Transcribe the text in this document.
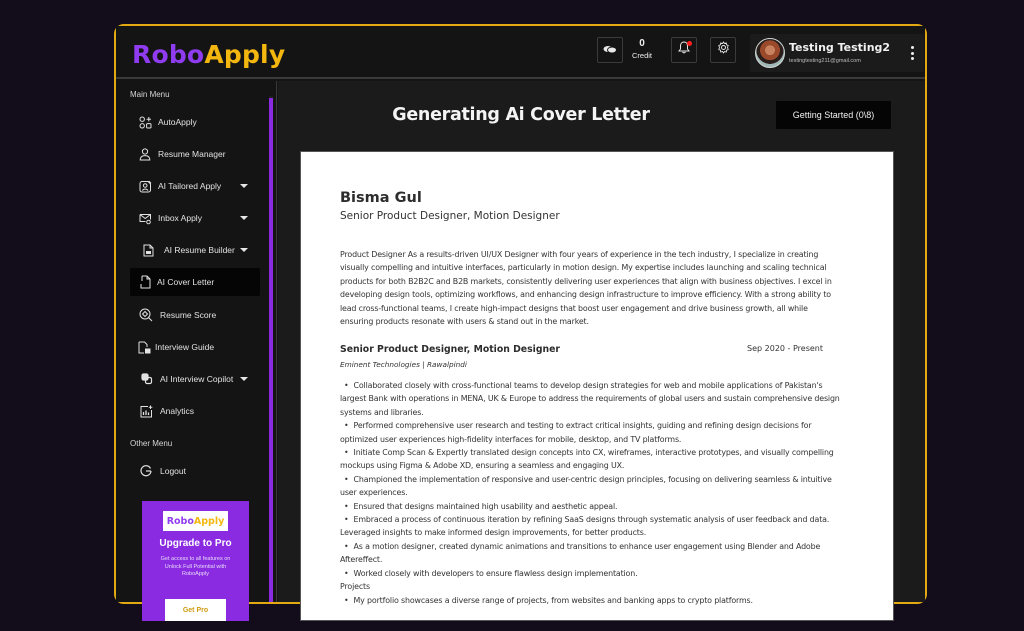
RoboApply	0
Credit
Testing Testing2
testingtesting211@gmail.com
Main Menu
AutoApply
Resume Manager
AI Tailored Apply
Inbox Apply
AI Resume Builder
AI Cover Letter
Resume Score
Interview Guide
AI Interview Copilot
Analytics
Other Menu
Logout
Robo Apply
Upgrade to Pro
Get access to all features on Unlock Full Potential with RoboApply
Get Pro
Generating Ai Cover Letter	Getting Started (0\8)
Bisma Gul
Senior Product Designer, Motion Designer
Product Designer As a results-driven UI/UX Designer with four years of experience in the tech industry, I specialize in creating visually compelling and intuitive interfaces, particularly in motion design. My expertise includes launching and scaling technical products for both B2B2C and B2B markets, consistently delivering user experiences that align with business objectives. I excel in developing design tools, optimizing workflows, and enhancing design infrastructure to improve efficiency. With a strong ability to lead cross-functional teams, I create high-impact designs that boost user engagement and drive business growth, all while ensuring products resonate with users & stand out in the market.
Senior Product Designer, Motion Designer	Sep 2020 - Present
Eminent Technologies | Rawalpindi
• Collaborated closely with cross-functional teams to develop design strategies for web and mobile applications of Pakistan's largest Bank with operations in MENA, UK & Europe to address the requirements of global users and sustain comprehensive design systems and libraries.
• Performed comprehensive user research and testing to extract critical insights, guiding and refining design decisions for optimized user experiences high-fidelity interfaces for mobile, desktop, and TV platforms.
• Initiate Comp Scan & Expertly translated design concepts into CX, wireframes, interactive prototypes, and visually compelling mockups using Figma & Adobe XD, ensuring a seamless and engaging UX.
• Championed the implementation of responsive and user-centric design principles, focusing on delivering seamless & intuitive user experiences.
• Ensured that designs maintained high usability and aesthetic appeal.
• Embraced a process of continuous iteration by refining SaaS designs through systematic analysis of user feedback and data. Leveraged insights to make informed design improvements, for better products.
• As a motion designer, created dynamic animations and transitions to enhance user engagement using Blender and Adobe Aftereffect.
• Worked closely with developers to ensure flawless design implementation.
Projects
• My portfolio showcases a diverse range of projects, from websites and banking apps to crypto platforms.
